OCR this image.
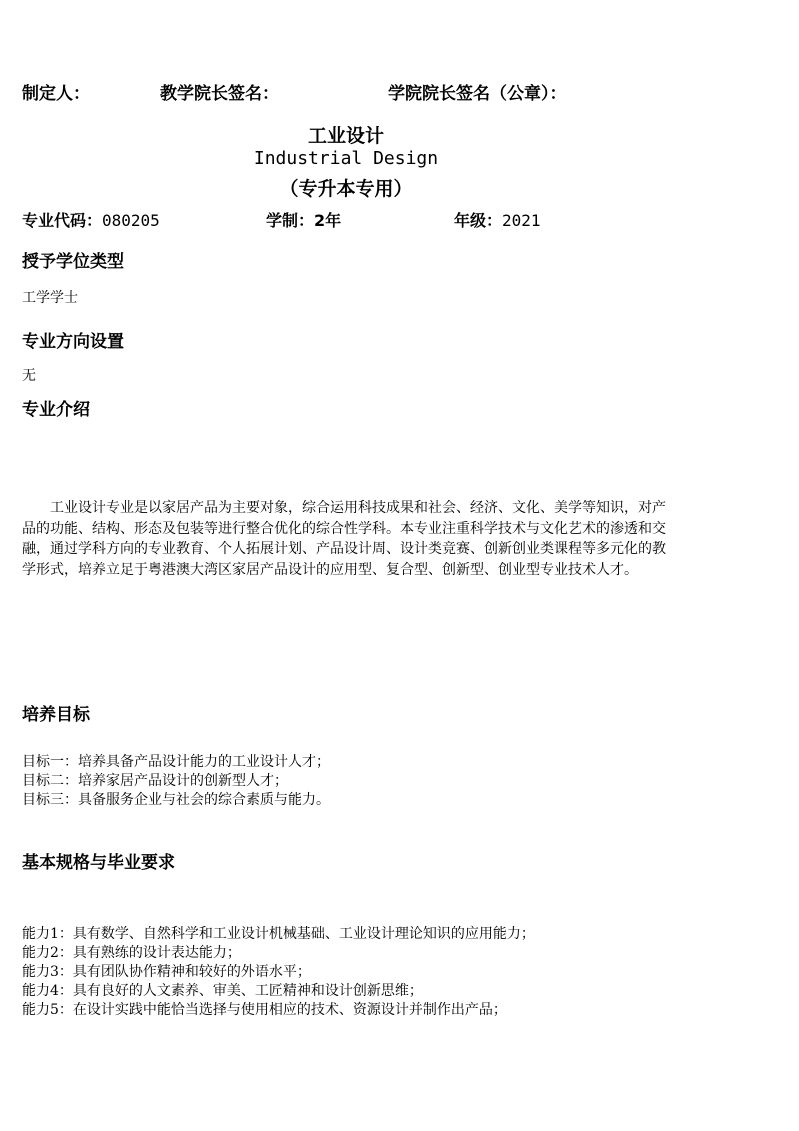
制定人：	教学院长签名：	学院院长签名（公章）：
工业设计
Industrial Design
（专升本专用）
专业代码：080205	学制：2年	年级：2021
授予学位类型
工学学士
专业方向设置
无
专业介绍
工业设计专业是以家居产品为主要对象，综合运用科技成果和社会、经济、文化、美学等知识，对产品的功能、结构、形态及包装等进行整合优化的综合性学科。本专业注重科学技术与文化艺术的渗透和交融，通过学科方向的专业教育、个人拓展计划、产品设计周、设计类竞赛、创新创业类课程等多元化的教学形式，培养立足于粤港澳大湾区家居产品设计的应用型、复合型、创新型、创业型专业技术人才。
培养目标
目标一：培养具备产品设计能力的工业设计人才；
目标二：培养家居产品设计的创新型人才；
目标三：具备服务企业与社会的综合素质与能力。
基本规格与毕业要求
能力1：具有数学、自然科学和工业设计机械基础、工业设计理论知识的应用能力；
能力2：具有熟练的设计表达能力；
能力3：具有团队协作精神和较好的外语水平；
能力4：具有良好的人文素养、审美、工匠精神和设计创新思维；
能力5：在设计实践中能恰当选择与使用相应的技术、资源设计并制作出产品；
